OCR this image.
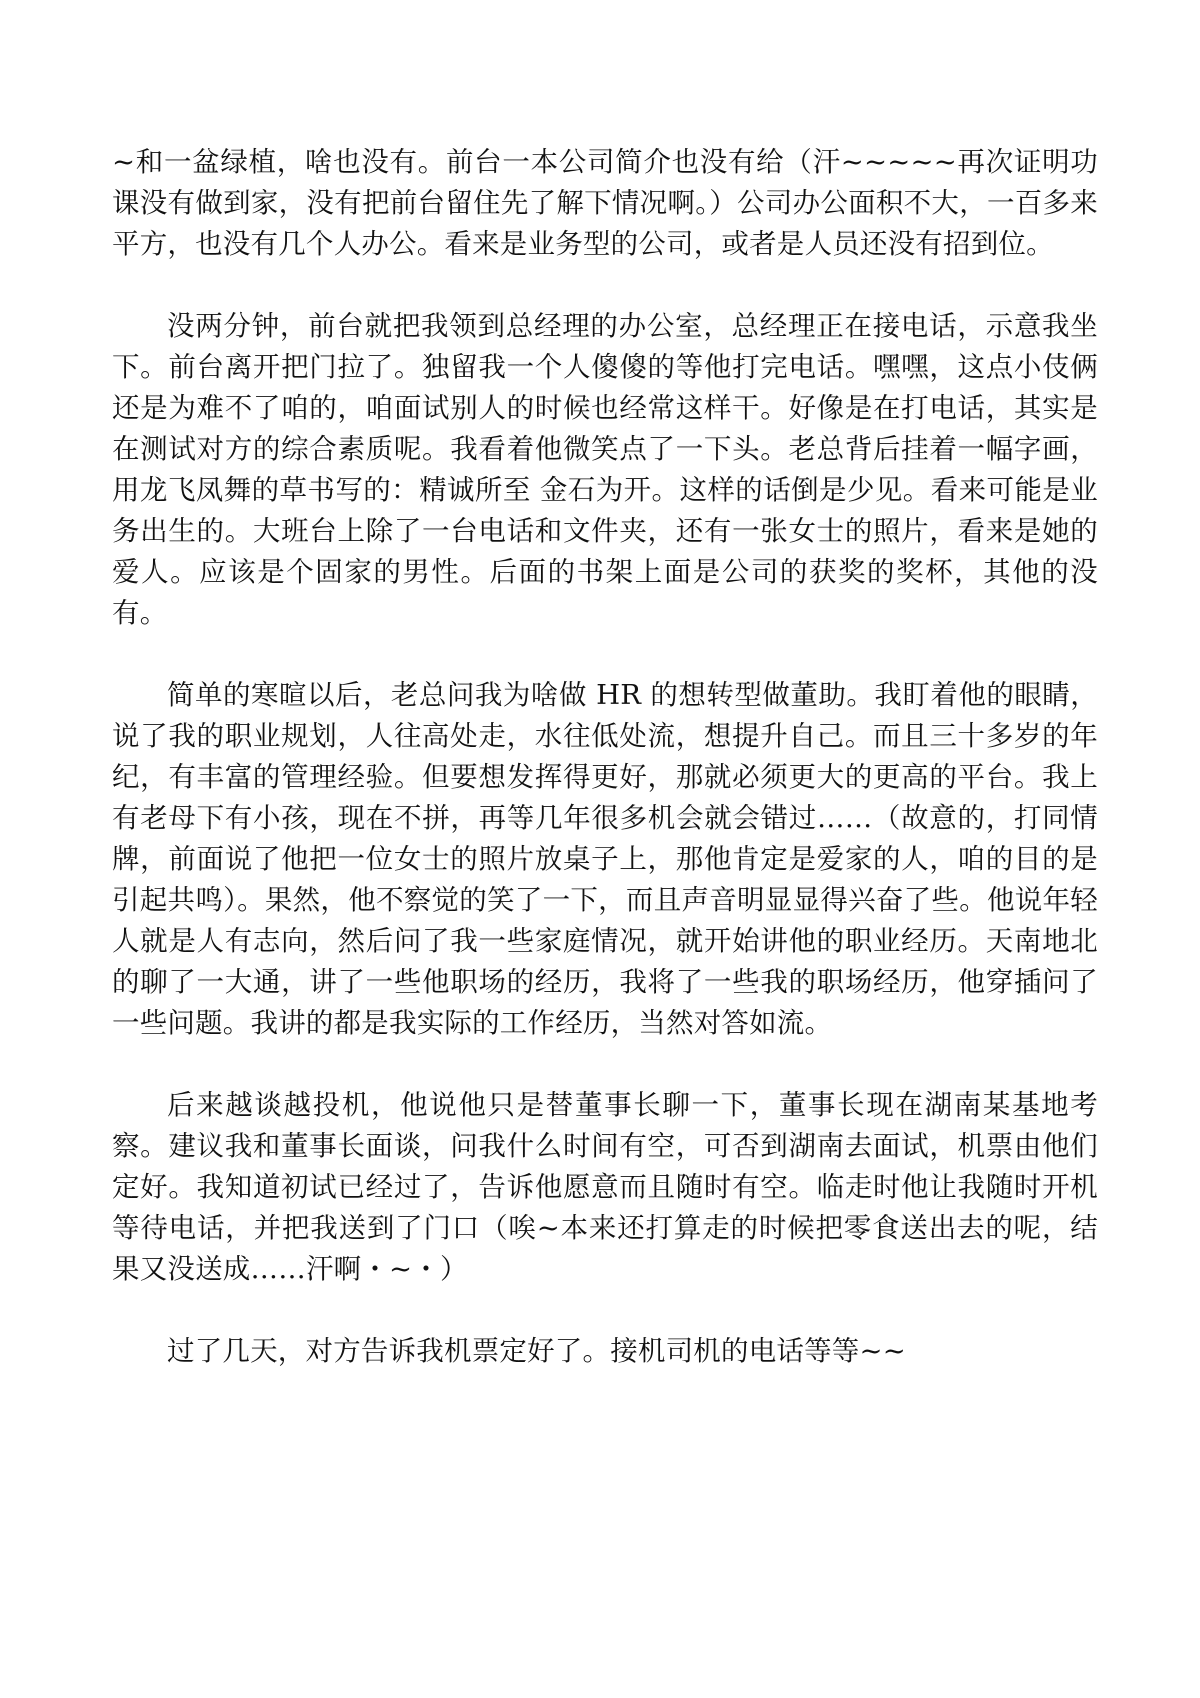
~和一盆绿植，啥也没有。前台一本公司简介也没有给（汗~~~~~再次证明功课没有做到家，没有把前台留住先了解下情况啊。）公司办公面积不大，一百多来平方，也没有几个人办公。看来是业务型的公司，或者是人员还没有招到位。

没两分钟，前台就把我领到总经理的办公室，总经理正在接电话，示意我坐下。前台离开把门拉了。独留我一个人傻傻的等他打完电话。嘿嘿，这点小伎俩还是为难不了咱的，咱面试别人的时候也经常这样干。好像是在打电话，其实是在测试对方的综合素质呢。我看着他微笑点了一下头。老总背后挂着一幅字画，用龙飞凤舞的草书写的：精诚所至 金石为开。这样的话倒是少见。看来可能是业务出生的。大班台上除了一台电话和文件夹，还有一张女士的照片，看来是她的爱人。应该是个固家的男性。后面的书架上面是公司的获奖的奖杯，其他的没有。

简单的寒暄以后，老总问我为啥做 HR 的想转型做董助。我盯着他的眼睛，说了我的职业规划，人往高处走，水往低处流，想提升自己。而且三十多岁的年纪，有丰富的管理经验。但要想发挥得更好，那就必须更大的更高的平台。我上有老母下有小孩，现在不拼，再等几年很多机会就会错过……（故意的，打同情牌，前面说了他把一位女士的照片放桌子上，那他肯定是爱家的人，咱的目的是引起共鸣）。果然，他不察觉的笑了一下，而且声音明显显得兴奋了些。他说年轻人就是人有志向，然后问了我一些家庭情况，就开始讲他的职业经历。天南地北的聊了一大通，讲了一些他职场的经历，我将了一些我的职场经历，他穿插问了一些问题。我讲的都是我实际的工作经历，当然对答如流。

后来越谈越投机，他说他只是替董事长聊一下，董事长现在湖南某基地考察。建议我和董事长面谈，问我什么时间有空，可否到湖南去面试，机票由他们定好。我知道初试已经过了，告诉他愿意而且随时有空。临走时他让我随时开机等待电话，并把我送到了门口（唉~本来还打算走的时候把零食送出去的呢，结果又没送成……汗啊・~・）

过了几天，对方告诉我机票定好了。接机司机的电话等等~~
